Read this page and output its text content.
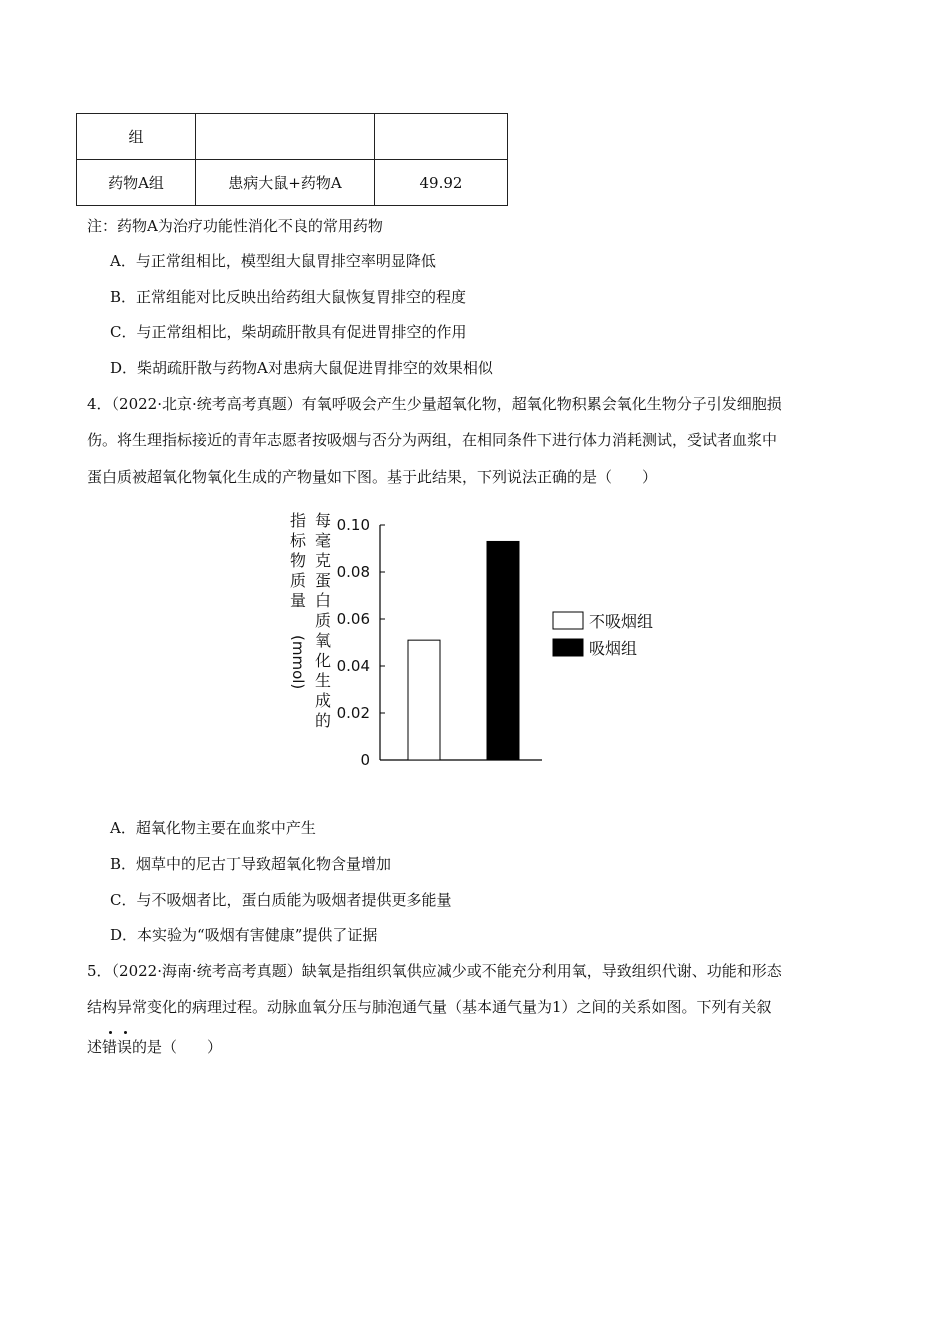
组		
药物A组	患病大鼠+药物A	49.92
注：药物A为治疗功能性消化不良的常用药物
A．与正常组相比，模型组大鼠胃排空率明显降低
B．正常组能对比反映出给药组大鼠恢复胃排空的程度
C．与正常组相比，柴胡疏肝散具有促进胃排空的作用
D．柴胡疏肝散与药物A对患病大鼠促进胃排空的效果相似
4．（2022·北京·统考高考真题）有氧呼吸会产生少量超氧化物，超氧化物积累会氧化生物分子引发细胞损
伤。将生理指标接近的青年志愿者按吸烟与否分为两组，在相同条件下进行体力消耗测试，受试者血浆中
蛋白质被超氧化物氧化生成的产物量如下图。基于此结果，下列说法正确的是（　　）
指标物质量
(mmol)
每毫克蛋白质氧化生成的
0
0.02
0.04
0.06
0.08
0.10
不吸烟组
吸烟组
A．超氧化物主要在血浆中产生
B．烟草中的尼古丁导致超氧化物含量增加
C．与不吸烟者比，蛋白质能为吸烟者提供更多能量
D．本实验为“吸烟有害健康”提供了证据
5．（2022·海南·统考高考真题）缺氧是指组织氧供应减少或不能充分利用氧，导致组织代谢、功能和形态
结构异常变化的病理过程。动脉血氧分压与肺泡通气量（基本通气量为1）之间的关系如图。下列有关叙
述错误的是（　　）
